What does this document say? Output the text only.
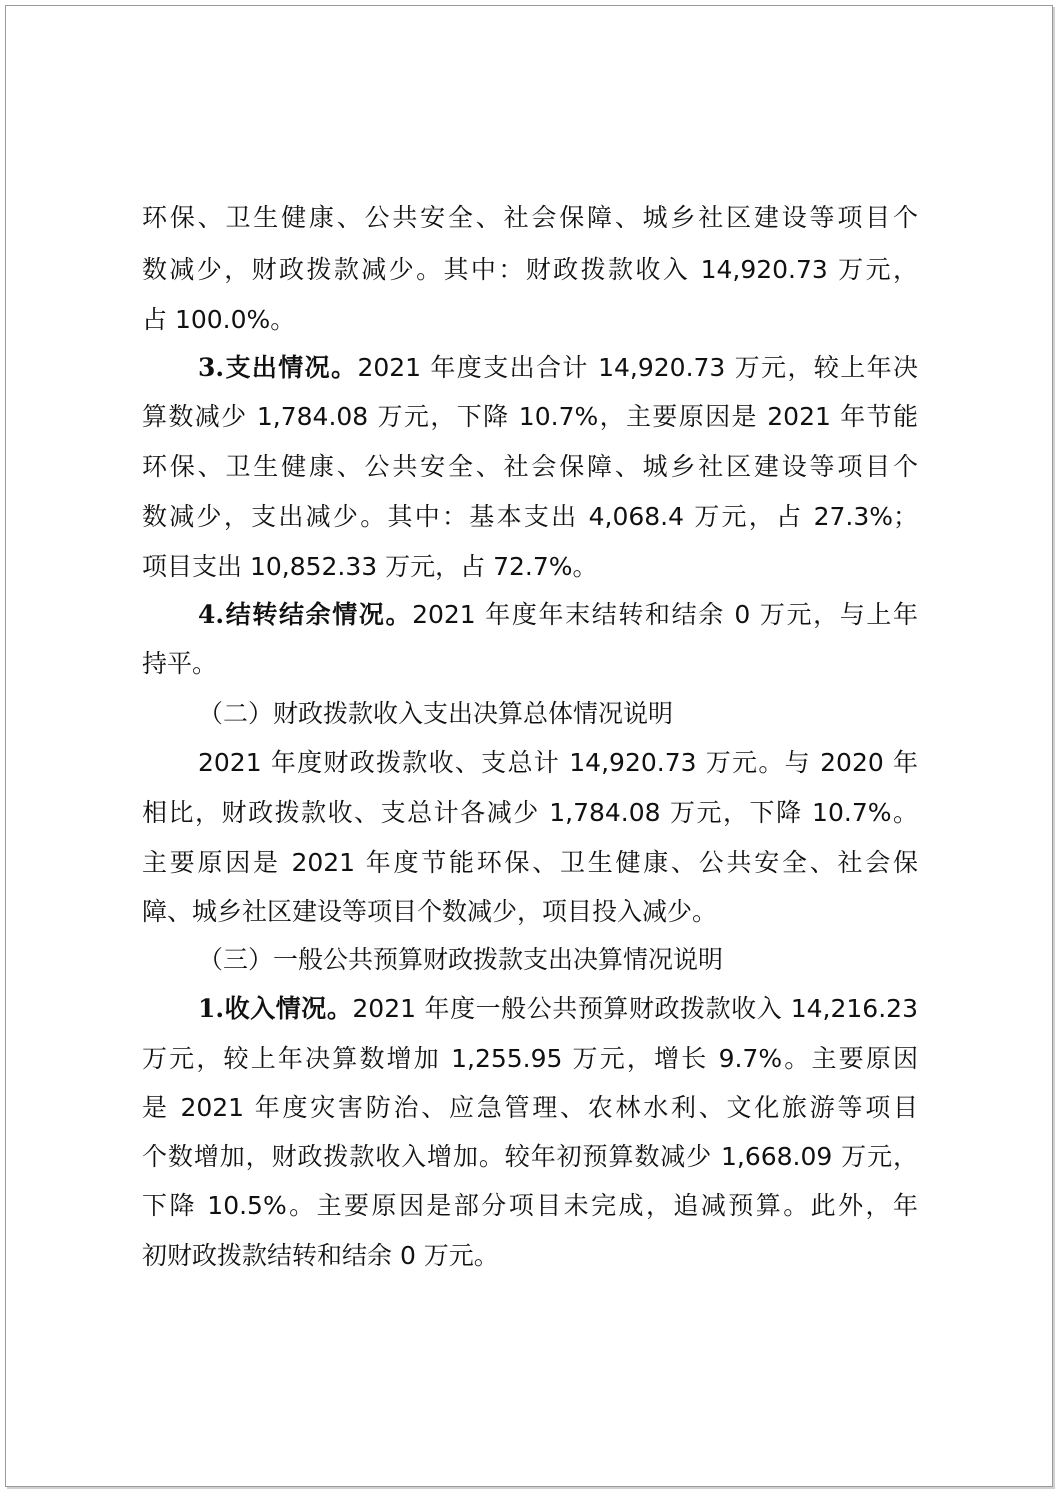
环保、卫生健康、公共安全、社会保障、城乡社区建设等项目个
数减少，财政拨款减少。其中：财政拨款收入 14,920.73 万元，
占 100.0%。
3.支出情况。2021 年度支出合计 14,920.73 万元，较上年决
算数减少 1,784.08 万元，下降 10.7%，主要原因是 2021 年节能
环保、卫生健康、公共安全、社会保障、城乡社区建设等项目个
数减少，支出减少。其中：基本支出 4,068.4 万元，占 27.3%；
项目支出 10,852.33 万元，占 72.7%。
4.结转结余情况。2021 年度年末结转和结余 0 万元，与上年
持平。
（二）财政拨款收入支出决算总体情况说明
2021 年度财政拨款收、支总计 14,920.73 万元。与 2020 年
相比，财政拨款收、支总计各减少 1,784.08 万元，下降 10.7%。
主要原因是 2021 年度节能环保、卫生健康、公共安全、社会保
障、城乡社区建设等项目个数减少，项目投入减少。
（三）一般公共预算财政拨款支出决算情况说明
1.收入情况。2021 年度一般公共预算财政拨款收入 14,216.23
万元，较上年决算数增加 1,255.95 万元，增长 9.7%。主要原因
是 2021 年度灾害防治、应急管理、农林水利、文化旅游等项目
个数增加，财政拨款收入增加。较年初预算数减少 1,668.09 万元，
下降 10.5%。主要原因是部分项目未完成，追减预算。此外，年
初财政拨款结转和结余 0 万元。
